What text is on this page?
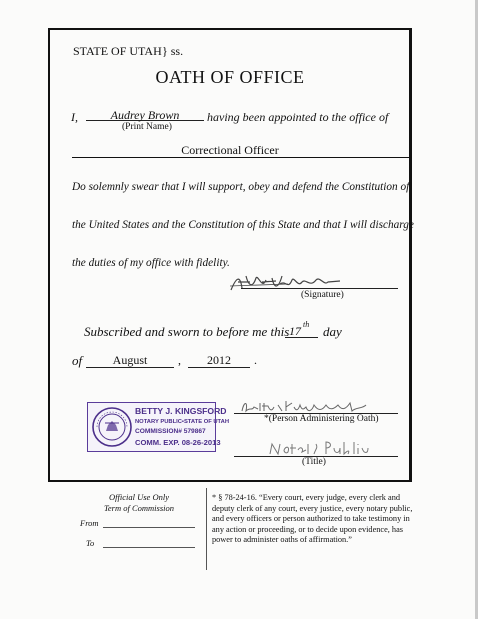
STATE OF UTAH } ss.
OATH OF OFFICE
I,	Audrey Brown
(Print Name)
having been appointed to the office of
Correctional Officer
Do solemnly swear that I will support, obey and defend the Constitution of
the United States and the Constitution of this State and that I will discharge
the duties of my office with fidelity.
(Signature)
Subscribed and sworn to before me this 17 th day
of	August	,	2012	.
BETTY J. KINGSFORD
NOTARY PUBLIC•STATE OF UTAH
COMMISSION# 579867
COMM. EXP. 08-26-2013
*(Person Administering Oath)
(Title)
Official Use Only
Term of Commission
From
To
* § 78-24-16. “Every court, every judge, every clerk and deputy clerk of any court, every justice, every notary public, and every officers or person authorized to take testimony in any action or proceeding, or to decide upon evidence, has power to administer oaths of affirmation.”
